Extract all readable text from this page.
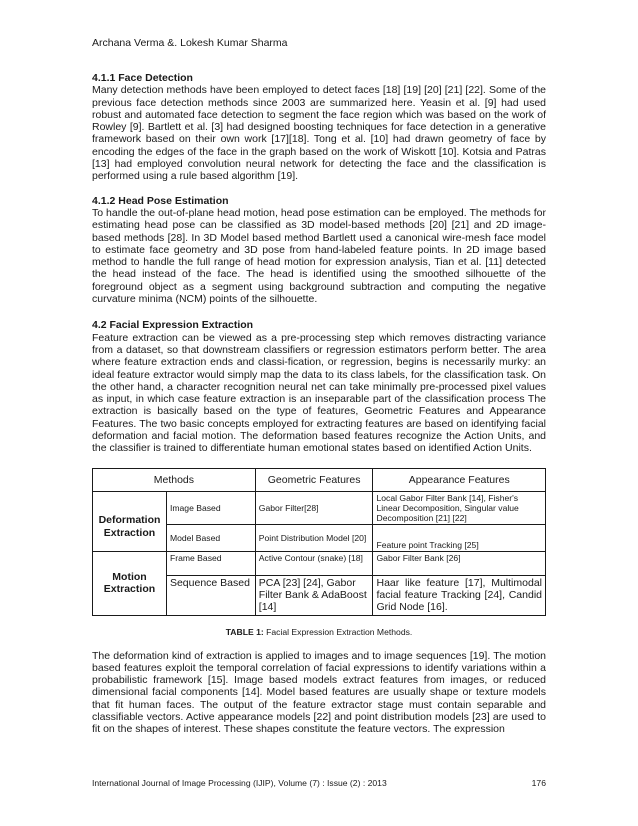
Archana Verma &. Lokesh Kumar Sharma
4.1.1 Face Detection

Many detection methods have been employed to detect faces [18] [19] [20] [21] [22]. Some of the previous face detection methods since 2003 are summarized here. Yeasin et al. [9] had used robust and automated face detection to segment the face region which was based on the work of Rowley [9]. Bartlett et al. [3] had designed boosting techniques for face detection in a generative framework based on their own work [17][18]. Tong et al. [10] had drawn geometry of face by encoding the edges of the face in the graph based on the work of Wiskott [10]. Kotsia and Patras [13] had employed convolution neural network for detecting the face and the classification is performed using a rule based algorithm [19].

4.1.2 Head Pose Estimation

To handle the out-of-plane head motion, head pose estimation can be employed. The methods for estimating head pose can be classified as 3D model-based methods [20] [21] and 2D image-based methods [28]. In 3D Model based method Bartlett used a canonical wire-mesh face model to estimate face geometry and 3D pose from hand-labeled feature points. In 2D image based method to handle the full range of head motion for expression analysis, Tian et al. [11] detected the head instead of the face. The head is identified using the smoothed silhouette of the foreground object as a segment using background subtraction and computing the negative curvature minima (NCM) points of the silhouette.

4.2 Facial Expression Extraction

Feature extraction can be viewed as a pre-processing step which removes distracting variance from a dataset, so that downstream classifiers or regression estimators perform better. The area where feature extraction ends and classi-fication, or regression, begins is necessarily murky: an ideal feature extractor would simply map the data to its class labels, for the classification task. On the other hand, a character recognition neural net can take minimally pre-processed pixel values as input, in which case feature extraction is an inseparable part of the classification process The extraction is basically based on the type of features, Geometric Features and Appearance Features. The two basic concepts employed for extracting features are based on identifying facial deformation and facial motion. The deformation based features recognize the Action Units, and the classifier is trained to differentiate human emotional states based on identified Action Units.

Methods		Geometric Features	Appearance Features
Deformation Extraction	Image Based	Gabor Filter[28]	Local Gabor Filter Bank [14], Fisher's Linear Decomposition, Singular value Decomposition [21] [22]
	Model Based	Point Distribution Model [20]	Feature point Tracking [25]
Motion Extraction	Frame Based	Active Contour (snake) [18]	Gabor Filter Bank [26]
	Sequence Based	PCA [23] [24], Gabor Filter Bank & AdaBoost [14]	Haar like feature [17], Multimodal facial feature Tracking [24], Candid Grid Node [16].
TABLE 1: Facial Expression Extraction Methods.

The deformation kind of extraction is applied to images and to image sequences [19]. The motion based features exploit the temporal correlation of facial expressions to identify variations within a probabilistic framework [15]. Image based models extract features from images, or reduced dimensional facial components [14]. Model based features are usually shape or texture models that fit human faces. The output of the feature extractor stage must contain separable and classifiable vectors. Active appearance models [22] and point distribution models [23] are used to fit on the shapes of interest. These shapes constitute the feature vectors. The expression

International Journal of Image Processing (IJIP), Volume (7) : Issue (2) : 2013	176
